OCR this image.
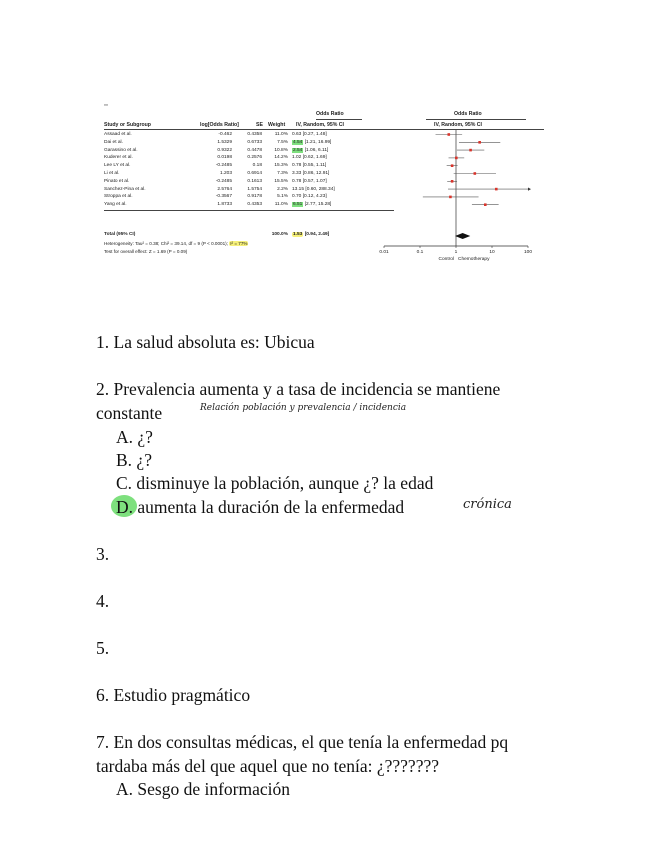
**
Odds Ratio	Odds Ratio
Study or Subgroup	log[Odds Ratio]	SE Weight IV, Random, 95% CI	IV, Random, 95% CI
Assaad et al.	-0.462	0.4358	11.0% 0.63 [0.27, 1.48]
Dai et al.	1.5329	0.6733	7.5% 4.54 [1.21, 16.99]
Garassino et al.	0.9322	0.4478	10.8% 2.54 [1.06, 6.11]
Kuderer et al.	0.0198	0.2576	14.2% 1.02 [0.62, 1.69]
Lee LY et al.	-0.2485	0.18	15.3% 0.78 [0.55, 1.11]
Li et al.	1.203	0.6914	7.3% 3.33 [0.86, 12.91]
Pinato et al.	-0.2485	0.1613	15.5% 0.78 [0.57, 1.07]
Sanchez-Pina et al.	2.5764	1.5754	2.2% 13.15 [0.60, 288.34]
Stroppa et al.	-0.3567	0.9178	5.1% 0.70 [0.12, 4.23]
Yang et al.	1.8733	0.4353	11.0% 6.51 [2.77, 15.28]
Total (95% CI)	100.0% 1.53 [0.94, 2.49]
Heterogeneity: Tau² = 0.38; Chi² = 39.14, df = 9 (P < 0.0001); I² = 77%
Test for overall effect: Z = 1.69 (P = 0.09)	0.01	0.1	1	10	100
Control Chemotherapy
1. La salud absoluta es: Ubicua
2. Prevalencia aumenta y a tasa de incidencia se mantiene
constante	Relación población y prevalencia / incidencia
A. ¿?
B. ¿?
C. disminuye la población, aunque ¿? la edad
D. aumenta la duración de la enfermedad	crónica
3.
4.
5.
6. Estudio pragmático
7. En dos consultas médicas, el que tenía la enfermedad pq
tardaba más del que aquel que no tenía: ¿???????
A. Sesgo de información
